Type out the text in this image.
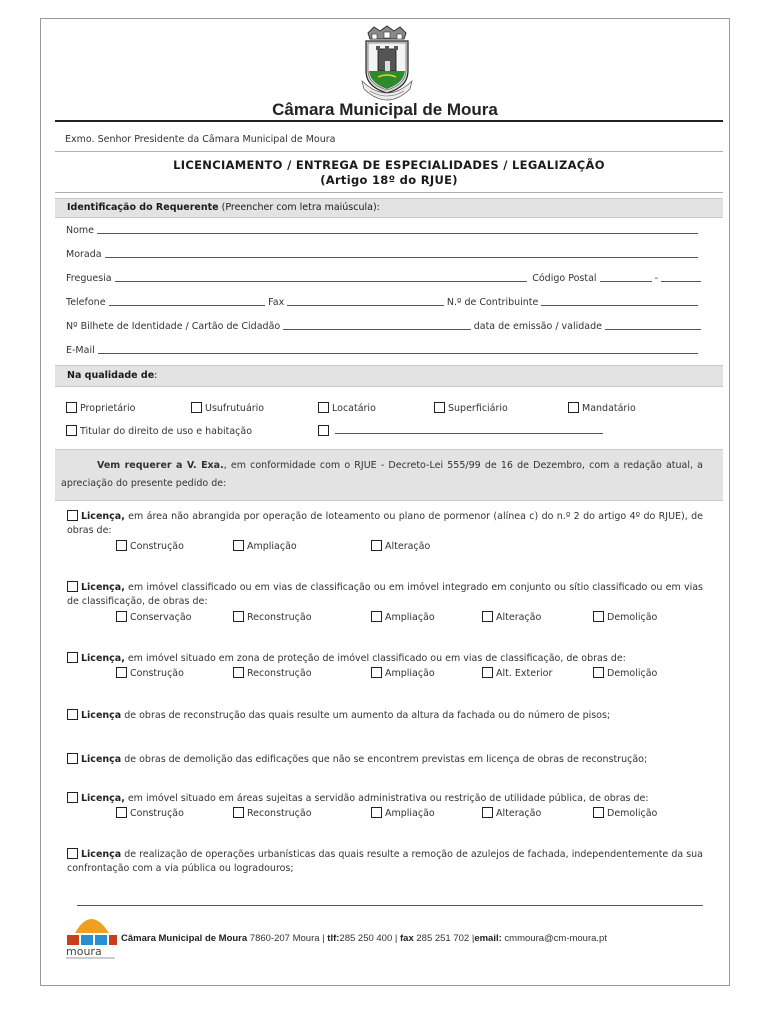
Câmara Municipal de Moura
Exmo. Senhor Presidente da Câmara Municipal de Moura
LICENCIAMENTO / ENTREGA DE ESPECIALIDADES / LEGALIZAÇÃO
(Artigo 18º do RJUE)
Identificação do Requerente (Preencher com letra maiúscula):
Nome
Morada
Freguesia	Código Postal	-
Telefone	Fax	N.º de Contribuinte
Nº Bilhete de Identidade / Cartão de Cidadão	data de emissão / validade
E-Mail
Na qualidade de:
Proprietário	Usufrutuário	Locatário	Superficiário	Mandatário
Titular do direito de uso e habitação
Vem requerer a V. Exa., em conformidade com o RJUE - Decreto-Lei 555/99 de 16 de Dezembro, com a redação atual, a apreciação do presente pedido de:
Licença, em área não abrangida por operação de loteamento ou plano de pormenor (alínea c) do n.º 2 do artigo 4º do RJUE), de obras de:
Construção	Ampliação	Alteração
Licença, em imóvel classificado ou em vias de classificação ou em imóvel integrado em conjunto ou sítio classificado ou em vias de classificação, de obras de:
Conservação	Reconstrução	Ampliação	Alteração	Demolição
Licença, em imóvel situado em zona de proteção de imóvel classificado ou em vias de classificação, de obras de:
Construção	Reconstrução	Ampliação	Alt. Exterior	Demolição
Licença de obras de reconstrução das quais resulte um aumento da altura da fachada ou do número de pisos;
Licença de obras de demolição das edificações que não se encontrem previstas em licença de obras de reconstrução;
Licença, em imóvel situado em áreas sujeitas a servidão administrativa ou restrição de utilidade pública, de obras de:
Construção	Reconstrução	Ampliação	Alteração	Demolição
Licença de realização de operações urbanísticas das quais resulte a remoção de azulejos de fachada, independentemente da sua confrontação com a via pública ou logradouros;
moura
Câmara Municipal de Moura 7860-207 Moura | tlf:285 250 400 | fax 285 251 702 |email: cmmoura@cm-moura.pt
